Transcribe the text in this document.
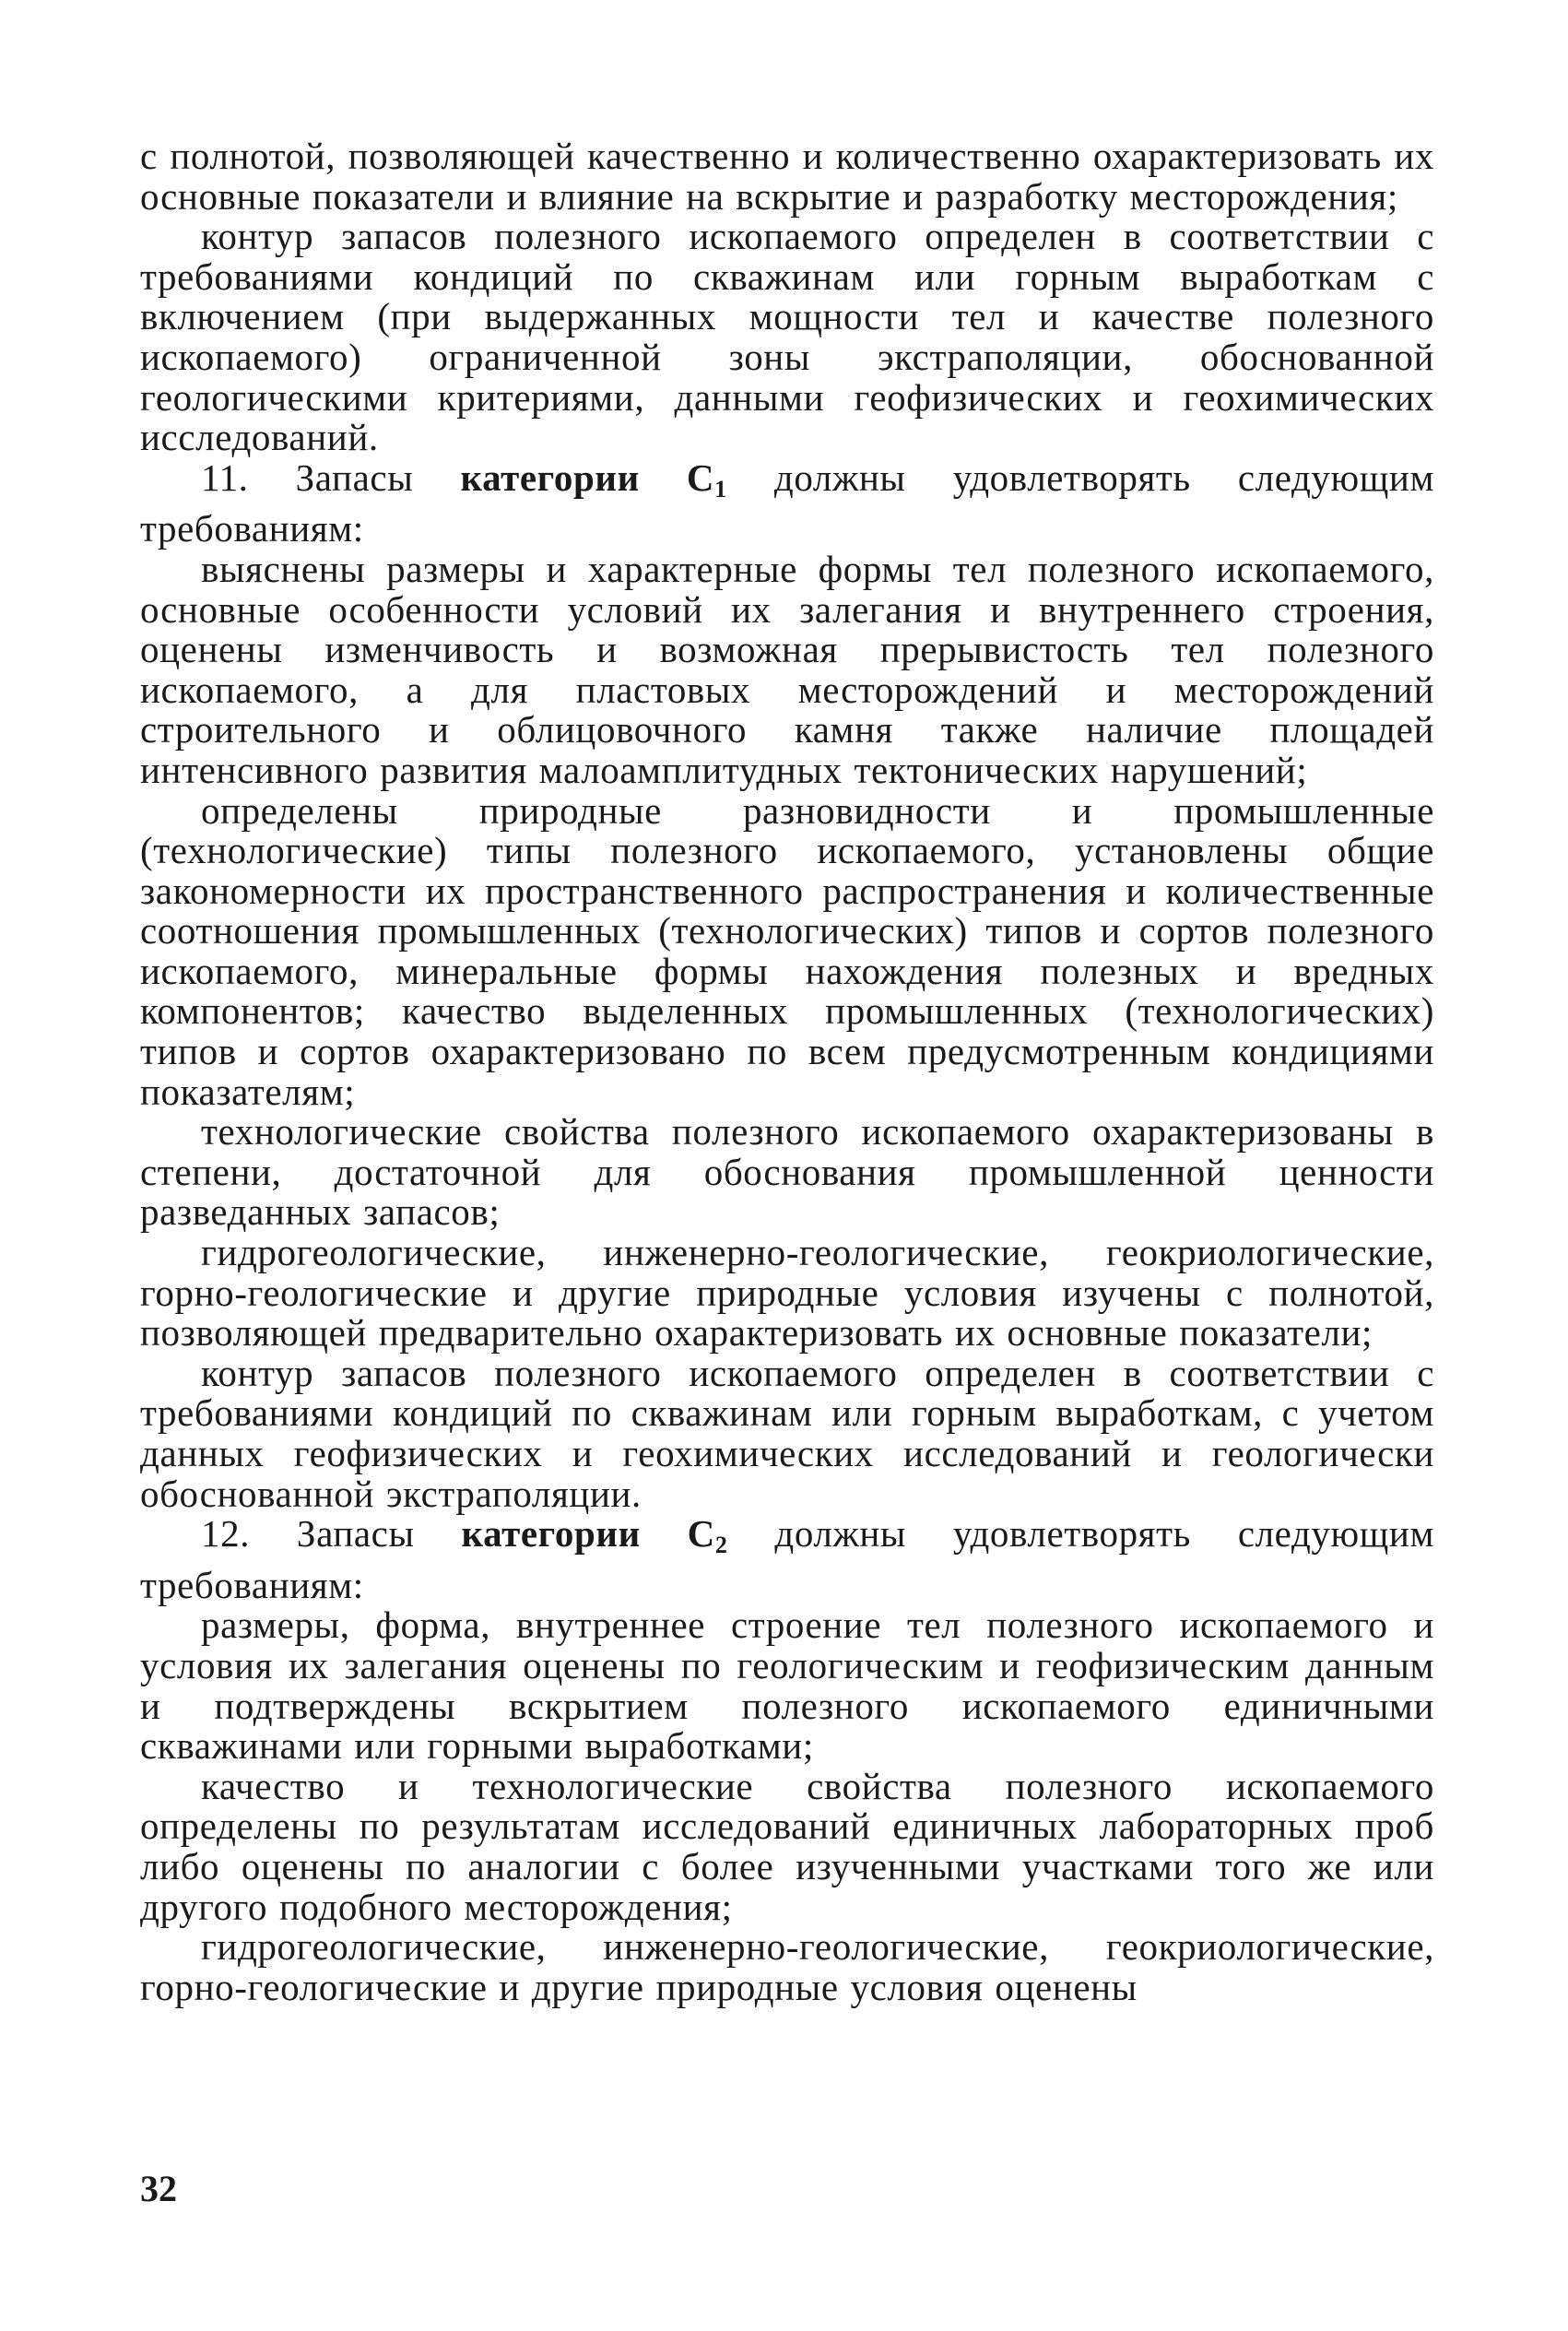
с полнотой, позволяющей качественно и количественно охарактеризовать их основные показатели и влияние на вскрытие и разработку месторождения;

контур запасов полезного ископаемого определен в соответствии с требованиями кондиций по скважинам или горным выработкам с включением (при выдержанных мощности тел и качестве полезного ископаемого) ограниченной зоны экстраполяции, обоснованной геологическими критериями, данными геофизических и геохимических исследований.

11. Запасы категории $С_1$ должны удовлетворять следующим требованиям:

выяснены размеры и характерные формы тел полезного ископаемого, основные особенности условий их залегания и внутреннего строения, оценены изменчивость и возможная прерывистость тел полезного ископаемого, а для пластовых месторождений и месторождений строительного и облицовочного камня также наличие площадей интенсивного развития малоамплитудных тектонических нарушений;

определены природные разновидности и промышленные (технологические) типы полезного ископаемого, установлены общие закономерности их пространственного распространения и количественные соотношения промышленных (технологических) типов и сортов полезного ископаемого, минеральные формы нахождения полезных и вредных компонентов; качество выделенных промышленных (технологических) типов и сортов охарактеризовано по всем предусмотренным кондициями показателям;

технологические свойства полезного ископаемого охарактеризованы в степени, достаточной для обоснования промышленной ценности разведанных запасов;

гидрогеологические, инженерно-геологические, геокриологические, горно-геологические и другие природные условия изучены с полнотой, позволяющей предварительно охарактеризовать их основные показатели;

контур запасов полезного ископаемого определен в соответствии с требованиями кондиций по скважинам или горным выработкам, с учетом данных геофизических и геохимических исследований и геологически обоснованной экстраполяции.

12. Запасы категории $С_2$ должны удовлетворять следующим требованиям:

размеры, форма, внутреннее строение тел полезного ископаемого и условия их залегания оценены по геологическим и геофизическим данным и подтверждены вскрытием полезного ископаемого единичными скважинами или горными выработками;

качество и технологические свойства полезного ископаемого определены по результатам исследований единичных лабораторных проб либо оценены по аналогии с более изученными участками того же или другого подобного месторождения;

гидрогеологические, инженерно-геологические, геокриологические, горно-геологические и другие природные условия оценены

32
